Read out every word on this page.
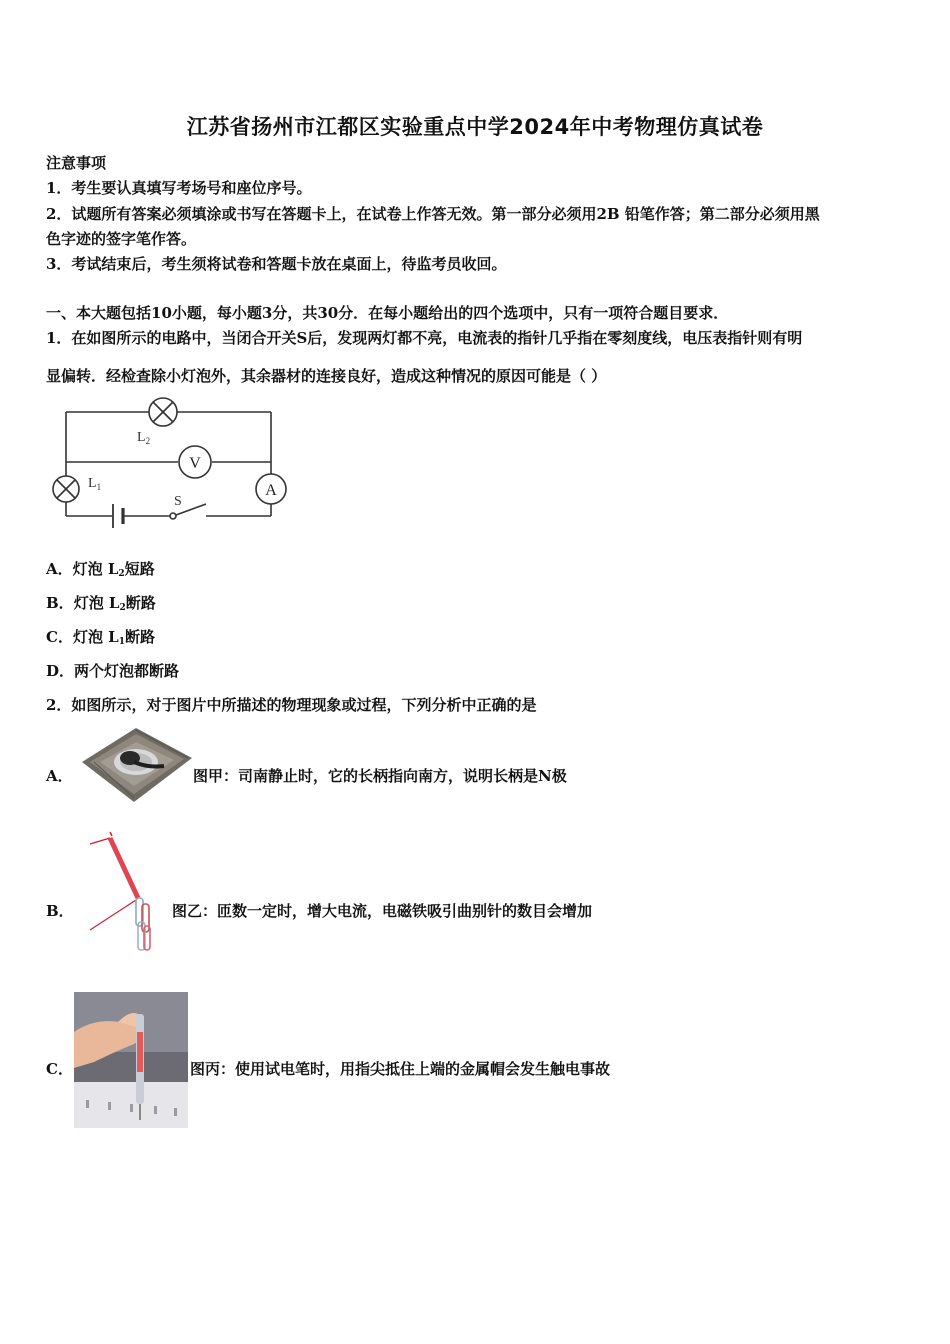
江苏省扬州市江都区实验重点中学2024年中考物理仿真试卷
注意事项
1．考生要认真填写考场号和座位序号。
2．试题所有答案必须填涂或书写在答题卡上，在试卷上作答无效。第一部分必须用2B 铅笔作答；第二部分必须用黑
色字迹的签字笔作答。
3．考试结束后，考生须将试卷和答题卡放在桌面上，待监考员收回。
一、本大题包括10小题，每小题3分，共30分．在每小题给出的四个选项中，只有一项符合题目要求．
1．在如图所示的电路中，当闭合开关S后，发现两灯都不亮，电流表的指针几乎指在零刻度线，电压表指针则有明
显偏转．经检查除小灯泡外，其余器材的连接良好，造成这种情况的原因可能是（ ）
V
A
$L_2$
$L_1$
S
A．灯泡 $L_2$短路
B．灯泡 $L_2$断路
C．灯泡 $L_1$断路
D．两个灯泡都断路
2．如图所示，对于图片中所描述的物理现象或过程，下列分析中正确的是
A．	图甲：司南静止时，它的长柄指向南方，说明长柄是N极
B．	图乙：匝数一定时，增大电流，电磁铁吸引曲别针的数目会增加
C．	图丙：使用试电笔时，用指尖抵住上端的金属帽会发生触电事故
